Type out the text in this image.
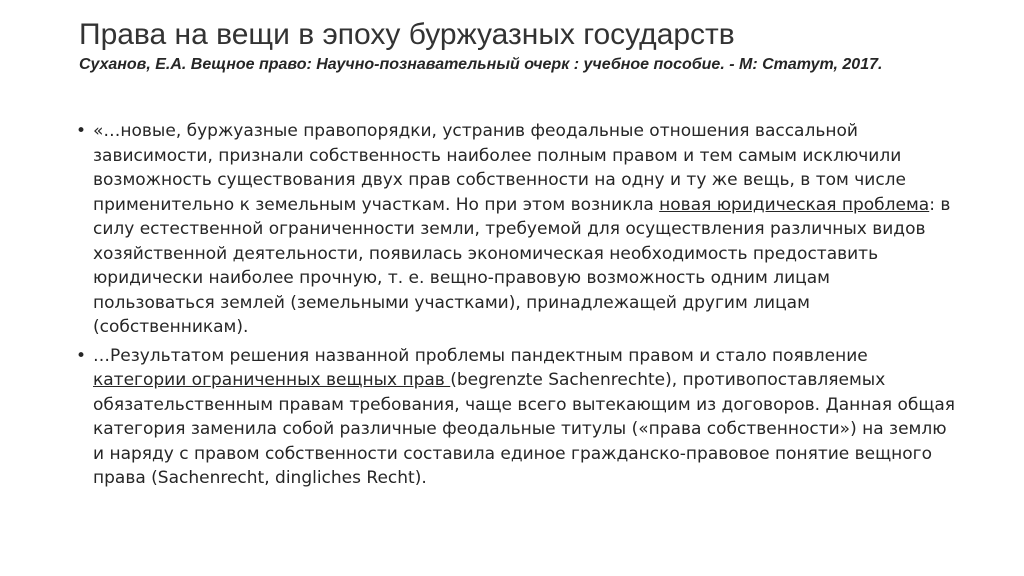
Права на вещи в эпоху буржуазных государств
Суханов, Е.А. Вещное право: Научно-познавательный очерк : учебное пособие. - М: Статут, 2017.
• «…новые, буржуазные правопорядки, устранив феодальные отношения вассальной зависимости, признали собственность наиболее полным правом и тем самым исключили возможность существования двух прав собственности на одну и ту же вещь, в том числе применительно к земельным участкам. Но при этом возникла новая юридическая проблема: в силу естественной ограниченности земли, требуемой для осуществления различных видов хозяйственной деятельности, появилась экономическая необходимость предоставить юридически наиболее прочную, т. е. вещно-правовую возможность одним лицам пользоваться землей (земельными участками), принадлежащей другим лицам (собственникам).
• …Результатом решения названной проблемы пандектным правом и стало появление категории ограниченных вещных прав (begrenzte Sachenrechte), противопоставляемых обязательственным правам требования, чаще всего вытекающим из договоров. Данная общая категория заменила собой различные феодальные титулы («права собственности») на землю и наряду с правом собственности составила единое гражданско-правовое понятие вещного права (Sachenrecht, dingliches Recht).
